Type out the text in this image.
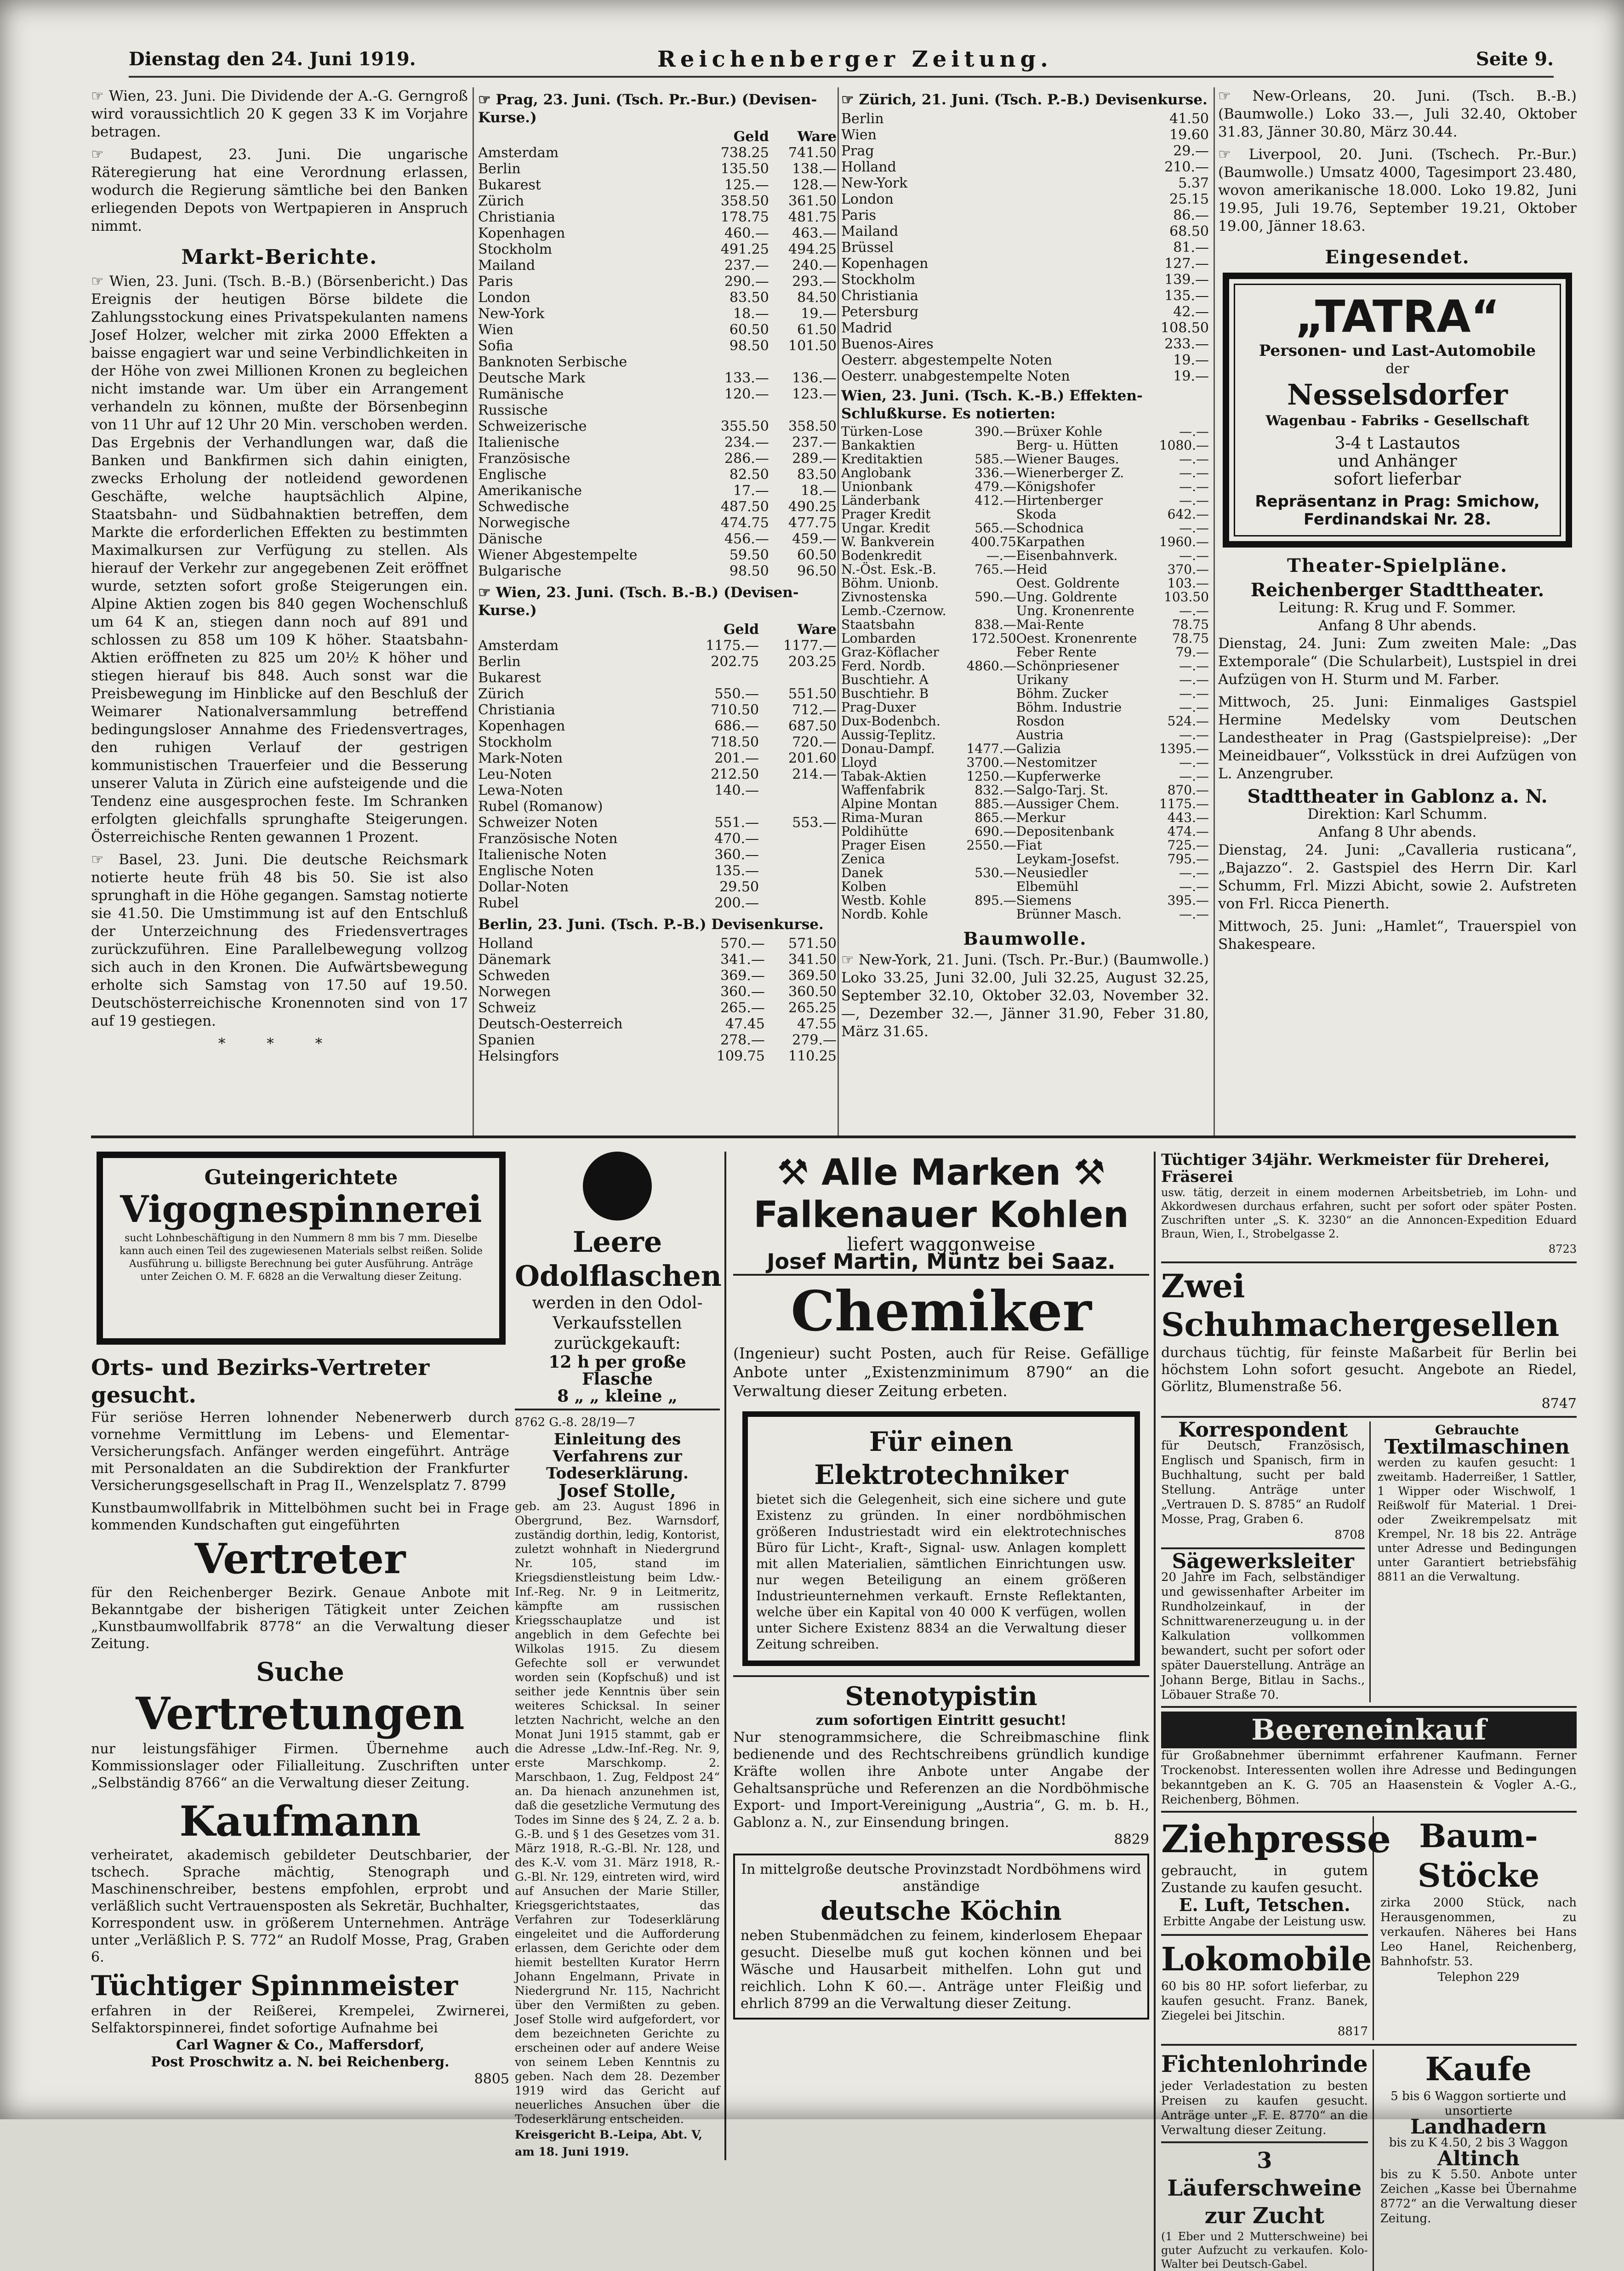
Dienstag den 24. Juni 1919.	Reichenberger Zeitung.	Seite 9.

☞ Wien, 23. Juni. Die Dividende der A.-G. Gerngroß wird voraussichtlich 20 K gegen 33 K im Vorjahre betragen.

☞ Budapest, 23. Juni. Die ungarische Räteregierung hat eine Verordnung erlassen, wodurch die Regierung sämtliche bei den Banken erliegenden Depots von Wertpapieren in Anspruch nimmt.

Markt-Berichte.

☞ Wien, 23. Juni. (Tsch. B.-B.) (Börsenbericht.) Das Ereignis der heutigen Börse bildete die Zahlungsstockung eines Privatspekulanten namens Josef Holzer, welcher mit zirka 2000 Effekten a baisse engagiert war und seine Verbindlichkeiten in der Höhe von zwei Millionen Kronen zu begleichen nicht imstande war. Um über ein Arrangement verhandeln zu können, mußte der Börsenbeginn von 11 Uhr auf 12 Uhr 20 Min. verschoben werden. Das Ergebnis der Verhandlungen war, daß die Banken und Bankfirmen sich dahin einigten, zwecks Erholung der notleidend gewordenen Geschäfte, welche hauptsächlich Alpine, Staatsbahn- und Südbahnaktien betreffen, dem Markte die erforderlichen Effekten zu bestimmten Maximalkursen zur Verfügung zu stellen. Als hierauf der Verkehr zur angegebenen Zeit eröffnet wurde, setzten sofort große Steigerungen ein. Alpine Aktien zogen bis 840 gegen Wochenschluß um 64 K an, stiegen dann noch auf 891 und schlossen zu 858 um 109 K höher. Staatsbahn-Aktien eröffneten zu 825 um 20½ K höher und stiegen hierauf bis 848. Auch sonst war die Preisbewegung im Hinblicke auf den Beschluß der Weimarer Nationalversammlung betreffend bedingungsloser Annahme des Friedensvertrages, den ruhigen Verlauf der gestrigen kommunistischen Trauerfeier und die Besserung unserer Valuta in Zürich eine aufsteigende und die Tendenz eine ausgesprochen feste. Im Schranken erfolgten gleichfalls sprunghafte Steigerungen. Österreichische Renten gewannen 1 Prozent.

☞ Basel, 23. Juni. Die deutsche Reichsmark notierte heute früh 48 bis 50. Sie ist also sprunghaft in die Höhe gegangen. Samstag notierte sie 41.50. Die Umstimmung ist auf den Entschluß der Unterzeichnung des Friedensvertrages zurückzuführen. Eine Parallelbewegung vollzog sich auch in den Kronen. Die Aufwärtsbewegung erholte sich Samstag von 17.50 auf 19.50. Deutschösterreichische Kronennoten sind von 17 auf 19 gestiegen.

* * *
☞ Prag, 23. Juni. (Tsch. Pr.-Bur.) (Devisen-Kurse.)
	Geld	Ware
Amsterdam	738.25	741.50
Berlin	135.50	138.—
Bukarest	125.—	128.—
Zürich	358.50	361.50
Christiania	178.75	481.75
Kopenhagen	460.—	463.—
Stockholm	491.25	494.25
Mailand	237.—	240.—
Paris	290.—	293.—
London	83.50	84.50
New-York	18.—	19.—
Wien	60.50	61.50
Sofia	98.50	101.50
Banknoten Serbische		
Deutsche Mark	133.—	136.—
Rumänische	120.—	123.—
Russische		
Schweizerische	355.50	358.50
Italienische	234.—	237.—
Französische	286.—	289.—
Englische	82.50	83.50
Amerikanische	17.—	18.—
Schwedische	487.50	490.25
Norwegische	474.75	477.75
Dänische	456.—	459.—
Wiener Abgestempelte	59.50	60.50
Bulgarische	98.50	96.50
☞ Wien, 23. Juni. (Tsch. B.-B.) (Devisen-Kurse.)
	Geld	Ware
Amsterdam	1175.—	1177.—
Berlin	202.75	203.25
Bukarest		
Zürich	550.—	551.50
Christiania	710.50	712.—
Kopenhagen	686.—	687.50
Stockholm	718.50	720.—
Mark-Noten	201.—	201.60
Leu-Noten	212.50	214.—
Lewa-Noten	140.—	
Rubel (Romanow)		
Schweizer Noten	551.—	553.—
Französische Noten	470.—	
Italienische Noten	360.—	
Englische Noten	135.—	
Dollar-Noten	29.50	
Rubel	200.—	
Berlin, 23. Juni. (Tsch. P.-B.) Devisenkurse.
Holland	570.—	571.50
Dänemark	341.—	341.50
Schweden	369.—	369.50
Norwegen	360.—	360.50
Schweiz	265.—	265.25
Deutsch-Oesterreich	47.45	47.55
Spanien	278.—	279.—
Helsingfors	109.75	110.25
☞ Zürich, 21. Juni. (Tsch. P.-B.) Devisenkurse.
Berlin	41.50
Wien	19.60
Prag	29.—
Holland	210.—
New-York	5.37
London	25.15
Paris	86.—
Mailand	68.50
Brüssel	81.—
Kopenhagen	127.—
Stockholm	139.—
Christiania	135.—
Petersburg	42.—
Madrid	108.50
Buenos-Aires	233.—
Oesterr. abgestempelte Noten	19.—
Oesterr. unabgestempelte Noten	19.—
Wien, 23. Juni. (Tsch. K.-B.) Effekten-Schlußkurse. Es notierten:
Türken-Lose	390.—	Brüxer Kohle	—.—
Bankaktien		Berg- u. Hütten	1080.—
Kreditaktien	585.—	Wiener Bauges.	—.—
Anglobank	336.—	Wienerberger Z.	—.—
Unionbank	479.—	Königshofer	—.—
Länderbank	412.—	Hirtenberger	—.—
Prager Kredit		Skoda	642.—
Ungar. Kredit	565.—	Schodnica	—.—
W. Bankverein	400.75	Karpathen	1960.—
Bodenkredit	—.—	Eisenbahnverk.	—.—
N.-Öst. Esk.-B.	765.—	Heid	370.—
Böhm. Unionb.		Oest. Goldrente	103.—
Zivnostenska	590.—	Ung. Goldrente	103.50
Lemb.-Czernow.		Ung. Kronenrente	—.—
Staatsbahn	838.—	Mai-Rente	78.75
Lombarden	172.50	Oest. Kronenrente	78.75
Graz-Köflacher		Feber Rente	79.—
Ferd. Nordb.	4860.—	Schönpriesener	—.—
Buschtiehr. A		Urikany	—.—
Buschtiehr. B		Böhm. Zucker	—.—
Prag-Duxer		Böhm. Industrie	—.—
Dux-Bodenbch.		Rosdon	524.—
Aussig-Teplitz.		Austria	—.—
Donau-Dampf.	1477.—	Galizia	1395.—
Lloyd	3700.—	Nestomitzer	—.—
Tabak-Aktien	1250.—	Kupferwerke	—.—
Waffenfabrik	832.—	Salgo-Tarj. St.	870.—
Alpine Montan	885.—	Aussiger Chem.	1175.—
Rima-Muran	865.—	Merkur	443.—
Poldihütte	690.—	Depositenbank	474.—
Prager Eisen	2550.—	Fiat	725.—
Zenica		Leykam-Josefst.	795.—
Danek	530.—	Neusiedler	—.—
Kolben		Elbemühl	—.—
Westb. Kohle	895.—	Siemens	395.—
Nordb. Kohle		Brünner Masch.	—.—
Baumwolle.

☞ New-York, 21. Juni. (Tsch. Pr.-Bur.) (Baumwolle.) Loko 33.25, Juni 32.00, Juli 32.25, August 32.25, September 32.10, Oktober 32.03, November 32.—, Dezember 32.—, Jänner 31.90, Feber 31.80, März 31.65.

☞ New-Orleans, 20. Juni. (Tsch. B.-B.) (Baumwolle.) Loko 33.—, Juli 32.40, Oktober 31.83, Jänner 30.80, März 30.44.

☞ Liverpool, 20. Juni. (Tschech. Pr.-Bur.) (Baumwolle.) Umsatz 4000, Tagesimport 23.480, wovon amerikanische 18.000. Loko 19.82, Juni 19.95, Juli 19.76, September 19.21, Oktober 19.00, Jänner 18.63.

Eingesendet.
„TATRA“
Personen- und Last-Automobile
der
Nesselsdorfer
Wagenbau - Fabriks - Gesellschaft
3-4 t Lastautos
und Anhänger
sofort lieferbar
Repräsentanz in Prag: Smichow,
Ferdinandskai Nr. 28.
Theater-Spielpläne.
Reichenberger Stadttheater.
Leitung: R. Krug und F. Sommer.
Anfang 8 Uhr abends.

Dienstag, 24. Juni: Zum zweiten Male: „Das Extemporale“ (Die Schularbeit), Lustspiel in drei Aufzügen von H. Sturm und M. Farber.

Mittwoch, 25. Juni: Einmaliges Gastspiel Hermine Medelsky vom Deutschen Landestheater in Prag (Gastspielpreise): „Der Meineidbauer“, Volksstück in drei Aufzügen von L. Anzengruber.

Stadttheater in Gablonz a. N.
Direktion: Karl Schumm.
Anfang 8 Uhr abends.

Dienstag, 24. Juni: „Cavalleria rusticana“, „Bajazzo“. 2. Gastspiel des Herrn Dir. Karl Schumm, Frl. Mizzi Abicht, sowie 2. Aufstreten von Frl. Ricca Pienerth.

Mittwoch, 25. Juni: „Hamlet“, Trauerspiel von Shakespeare.

Guteingerichtete
Vigognespinnerei

sucht Lohnbeschäftigung in den Nummern 8 mm bis 7 mm. Dieselbe kann auch einen Teil des zugewiesenen Materials selbst reißen. Solide Ausführung u. billigste Berechnung bei guter Ausführung. Anträge unter Zeichen O. M. F. 6828 an die Verwaltung dieser Zeitung.

Orts- und Bezirks-Vertreter gesucht.

Für seriöse Herren lohnender Nebenerwerb durch vornehme Vermittlung im Lebens- und Elementar-Versicherungsfach. Anfänger werden eingeführt. Anträge mit Personaldaten an die Subdirektion der Frankfurter Versicherungsgesellschaft in Prag II., Wenzelsplatz 7. 8799

Kunstbaumwollfabrik in Mittelböhmen sucht bei in Frage kommenden Kundschaften gut eingeführten

Vertreter

für den Reichenberger Bezirk. Genaue Anbote mit Bekanntgabe der bisherigen Tätigkeit unter Zeichen „Kunstbaumwollfabrik 8778“ an die Verwaltung dieser Zeitung.

Suche
Vertretungen

nur leistungsfähiger Firmen. Übernehme auch Kommissionslager oder Filialleitung. Zuschriften unter „Selbständig 8766“ an die Verwaltung dieser Zeitung.

Kaufmann

verheiratet, akademisch gebildeter Deutschbarier, der tschech. Sprache mächtig, Stenograph und Maschinenschreiber, bestens empfohlen, erprobt und verläßlich sucht Vertrauensposten als Sekretär, Buchhalter, Korrespondent usw. in größerem Unternehmen. Anträge unter „Verläßlich P. S. 772“ an Rudolf Mosse, Prag, Graben 6.

Tüchtiger Spinnmeister

erfahren in der Reißerei, Krempelei, Zwirnerei, Selfaktorspinnerei, findet sofortige Aufnahme bei

Carl Wagner & Co., Maffersdorf,
Post Proschwitz a. N. bei Reichenberg.
8805
Leere
Odolflaschen

werden in den Odol-Verkaufsstellen zurückgekauft:

12 h per große Flasche
8 „ „ kleine „
8762 G.-8. 28/19—7
Einleitung des Verfahrens zur Todeserklärung.
Josef Stolle,

geb. am 23. August 1896 in Obergrund, Bez. Warnsdorf, zuständig dorthin, ledig, Kontorist, zuletzt wohnhaft in Niedergrund Nr. 105, stand im Kriegsdienstleistung beim Ldw.-Inf.-Reg. Nr. 9 in Leitmeritz, kämpfte am russischen Kriegsschauplatze und ist angeblich in dem Gefechte bei Wilkolas 1915. Zu diesem Gefechte soll er verwundet worden sein (Kopfschuß) und ist seither jede Kenntnis über sein weiteres Schicksal. In seiner letzten Nachricht, welche an den Monat Juni 1915 stammt, gab er die Adresse „Ldw.-Inf.-Reg. Nr. 9, erste Marschkomp. 2. Marschbaon, 1. Zug, Feldpost 24“ an. Da hienach anzunehmen ist, daß die gesetzliche Vermutung des Todes im Sinne des § 24, Z. 2 a. b. G.-B. und § 1 des Gesetzes vom 31. März 1918, R.-G.-Bl. Nr. 128, und des K.-V. vom 31. März 1918, R.-G.-Bl. Nr. 129, eintreten wird, wird auf Ansuchen der Marie Stiller, Kriegsgerichtstaates, das Verfahren zur Todeserklärung eingeleitet und die Aufforderung erlassen, dem Gerichte oder dem hiemit bestellten Kurator Herrn Johann Engelmann, Private in Niedergrund Nr. 115, Nachricht über den Vermißten zu geben. Josef Stolle wird aufgefordert, vor dem bezeichneten Gerichte zu erscheinen oder auf andere Weise von seinem Leben Kenntnis zu geben. Nach dem 28. Dezember 1919 wird das Gericht auf neuerliches Ansuchen über die Todeserklärung entscheiden.

Kreisgericht B.-Leipa, Abt. V, am 18. Juni 1919.
⚒ Alle Marken ⚒
Falkenauer Kohlen
liefert waggonweise
Josef Martin, Müntz bei Saaz.
Chemiker

(Ingenieur) sucht Posten, auch für Reise. Gefällige Anbote unter „Existenzminimum 8790“ an die Verwaltung dieser Zeitung erbeten.

Für einen Elektrotechniker

bietet sich die Gelegenheit, sich eine sichere und gute Existenz zu gründen. In einer nordböhmischen größeren Industriestadt wird ein elektrotechnisches Büro für Licht-, Kraft-, Signal- usw. Anlagen komplett mit allen Materialien, sämtlichen Einrichtungen usw. nur wegen Beteiligung an einem größeren Industrieunternehmen verkauft. Ernste Reflektanten, welche über ein Kapital von 40 000 K verfügen, wollen unter Sichere Existenz 8834 an die Verwaltung dieser Zeitung schreiben.

Stenotypistin
zum sofortigen Eintritt gesucht!

Nur stenogrammsichere, die Schreibmaschine flink bedienende und des Rechtschreibens gründlich kundige Kräfte wollen ihre Anbote unter Angabe der Gehaltsansprüche und Referenzen an die Nordböhmische Export- und Import-Vereinigung „Austria“, G. m. b. H., Gablonz a. N., zur Einsendung bringen.

8829

In mittelgroße deutsche Provinzstadt Nordböhmens wird anständige

deutsche Köchin

neben Stubenmädchen zu feinem, kinderlosem Ehepaar gesucht. Dieselbe muß gut kochen können und bei Wäsche und Hausarbeit mithelfen. Lohn gut und reichlich. Lohn K 60.—. Anträge unter Fleißig und ehrlich 8799 an die Verwaltung dieser Zeitung.

Tüchtiger 34jähr. Werkmeister für Dreherei, Fräserei

usw. tätig, derzeit in einem modernen Arbeitsbetrieb, im Lohn- und Akkordwesen durchaus erfahren, sucht per sofort oder später Posten. Zuschriften unter „S. K. 3230“ an die Annoncen-Expedition Eduard Braun, Wien, I., Strobelgasse 2.

8723
Zwei Schuhmachergesellen

durchaus tüchtig, für feinste Maßarbeit für Berlin bei höchstem Lohn sofort gesucht. Angebote an Riedel, Görlitz, Blumenstraße 56.

8747
Korrespondent

für Deutsch, Französisch, Englisch und Spanisch, firm in Buchhaltung, sucht per bald Stellung. Anträge unter „Vertrauen D. S. 8785“ an Rudolf Mosse, Prag, Graben 6.

8708
Sägewerksleiter

20 Jahre im Fach, selbständiger und gewissenhafter Arbeiter im Rundholzeinkauf, in der Schnittwarenerzeugung u. in der Kalkulation vollkommen bewandert, sucht per sofort oder später Dauerstellung. Anträge an Johann Berge, Bitlau in Sachs., Löbauer Straße 70.

Gebrauchte
Textilmaschinen

werden zu kaufen gesucht: 1 zweitamb. Haderreißer, 1 Sattler, 1 Wipper oder Wischwolf, 1 Reißwolf für Material. 1 Drei- oder Zweikrempelsatz mit Krempel, Nr. 18 bis 22. Anträge unter Adresse und Bedingungen unter Garantiert betriebsfähig 8811 an die Verwaltung.

Beereneinkauf

für Großabnehmer übernimmt erfahrener Kaufmann. Ferner Trockenobst. Interessenten wollen ihre Adresse und Bedingungen bekanntgeben an K. G. 705 an Haasenstein & Vogler A.-G., Reichenberg, Böhmen.

Ziehpresse

gebraucht, in gutem Zustande zu kaufen gesucht.

E. Luft, Tetschen.
Erbitte Angabe der Leistung usw.
Lokomobile

60 bis 80 HP. sofort lieferbar, zu kaufen gesucht. Franz. Banek, Ziegelei bei Jitschin.

8817
Baum-Stöcke

zirka 2000 Stück, nach Herausgenommen, zu verkaufen. Näheres bei Hans Leo Hanel, Reichenberg, Bahnhofstr. 53.

Telephon 229
Fichtenlohrinde

jeder Verladestation zu besten Preisen zu kaufen gesucht. Anträge unter „F. E. 8770“ an die Verwaltung dieser Zeitung.

3 Läuferschweine
zur Zucht

(1 Eber und 2 Mutterschweine) bei guter Aufzucht zu verkaufen. Kolo-Walter bei Deutsch-Gabel.

Kaufe

5 bis 6 Waggon sortierte und unsortierte

Landhadern

bis zu K 4.50, 2 bis 3 Waggon

Altinch

bis zu K 5.50. Anbote unter Zeichen „Kasse bei Übernahme 8772“ an die Verwaltung dieser Zeitung.
